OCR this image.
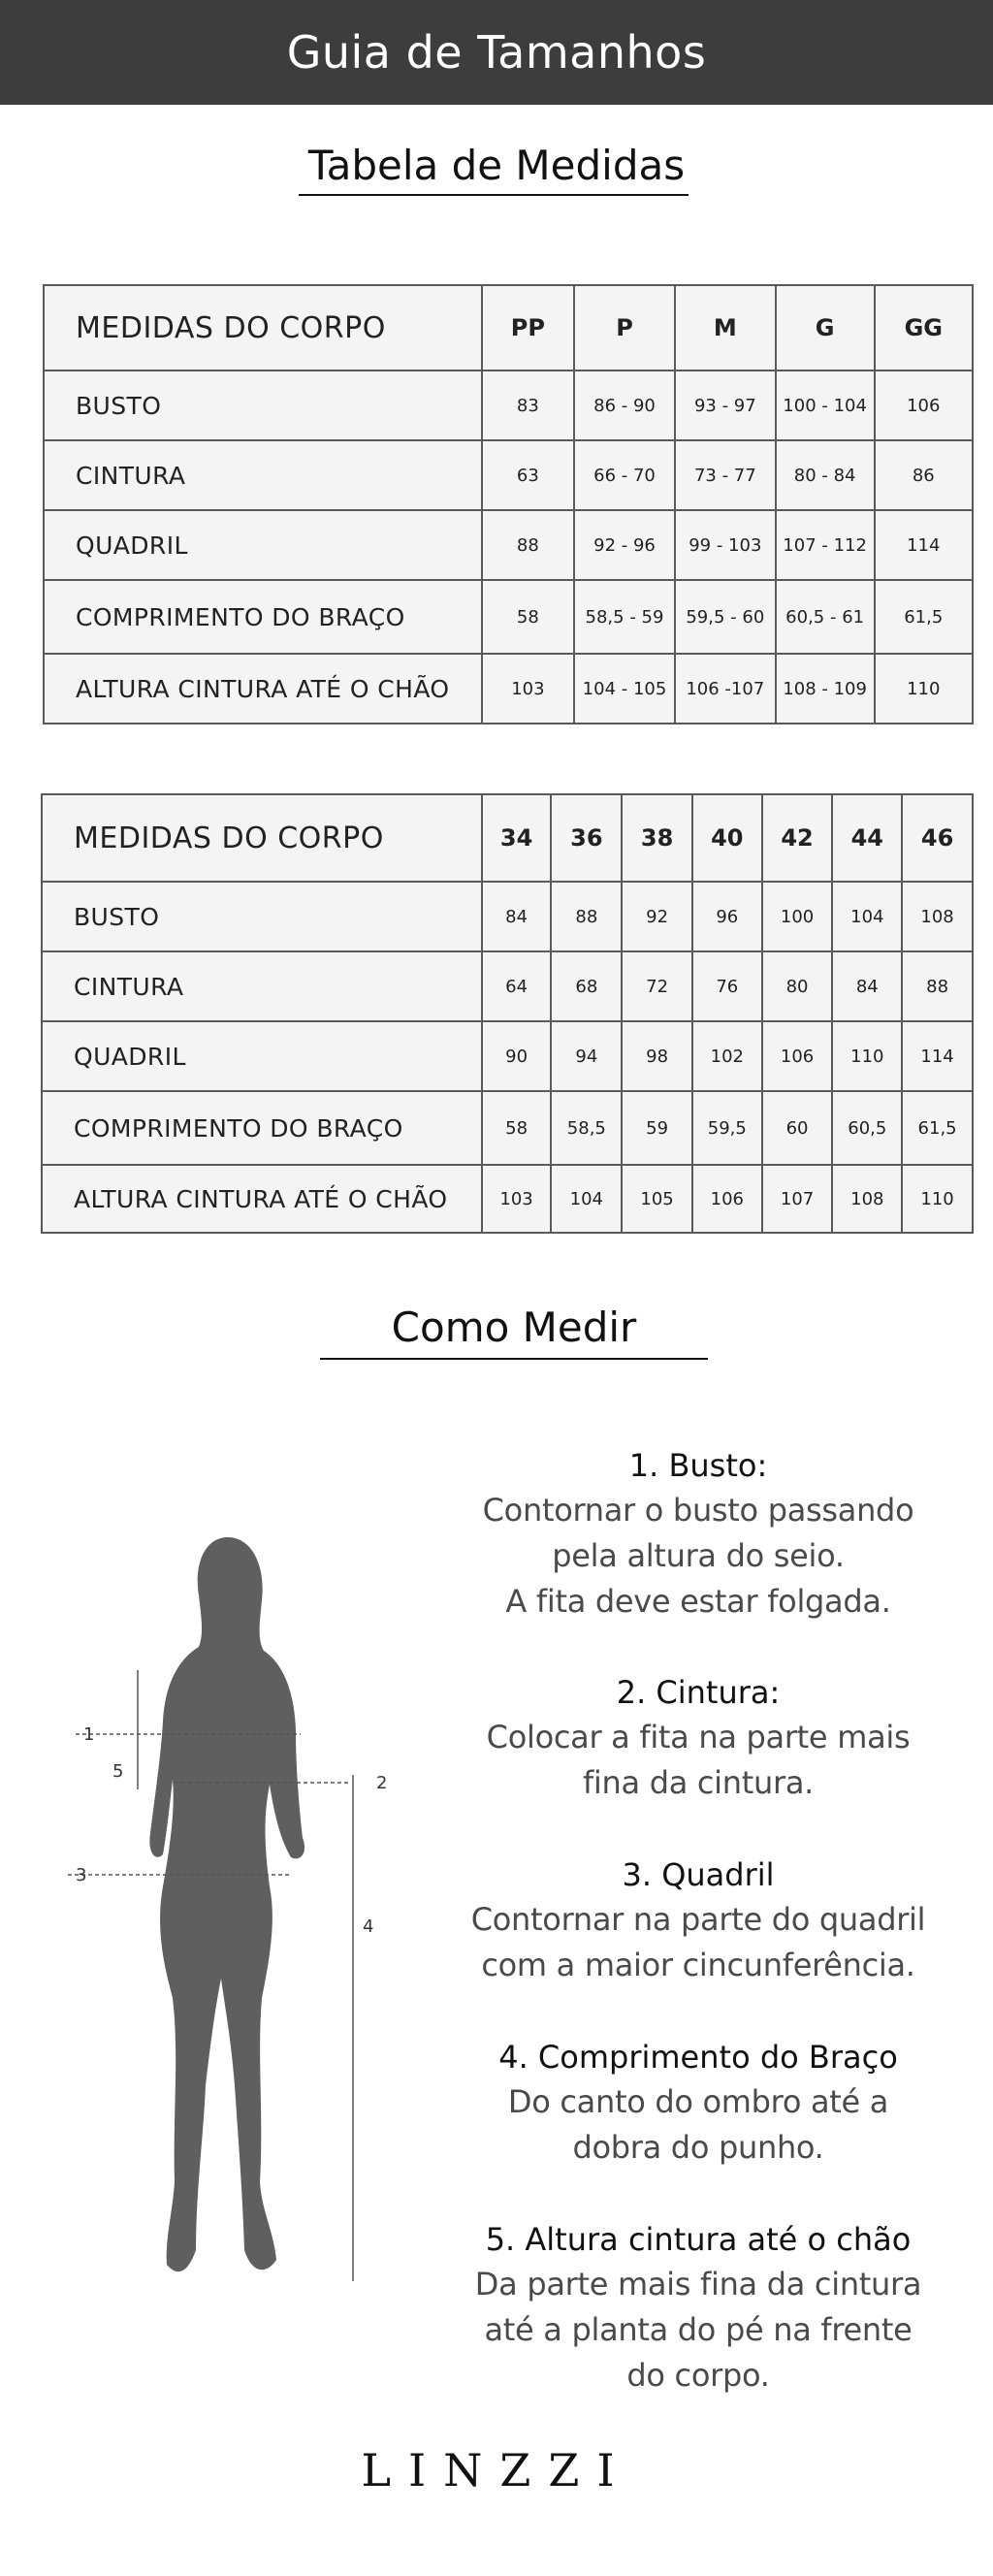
Guia de Tamanhos
Tabela de Medidas
MEDIDAS DO CORPO	PP	P	M	G	GG
BUSTO	83	86 - 90	93 - 97	100 - 104	106
CINTURA	63	66 - 70	73 - 77	80 - 84	86
QUADRIL	88	92 - 96	99 - 103	107 - 112	114
COMPRIMENTO DO BRAÇO	58	58,5 - 59	59,5 - 60	60,5 - 61	61,5
ALTURA CINTURA ATÉ O CHÃO	103	104 - 105	106 -107	108 - 109	110
MEDIDAS DO CORPO	34	36	38	40	42	44	46
BUSTO	84	88	92	96	100	104	108
CINTURA	64	68	72	76	80	84	88
QUADRIL	90	94	98	102	106	110	114
COMPRIMENTO DO BRAÇO	58	58,5	59	59,5	60	60,5	61,5
ALTURA CINTURA ATÉ O CHÃO	103	104	105	106	107	108	110
Como Medir
1
2
3
4
5
1. Busto:
Contornar o busto passando
pela altura do seio.
A fita deve estar folgada.
2. Cintura:
Colocar a fita na parte mais
fina da cintura.
3. Quadril
Contornar na parte do quadril
com a maior cincunferência.
4. Comprimento do Braço
Do canto do ombro até a
dobra do punho.
5. Altura cintura até o chão
Da parte mais fina da cintura
até a planta do pé na frente
do corpo.
LINZZI
